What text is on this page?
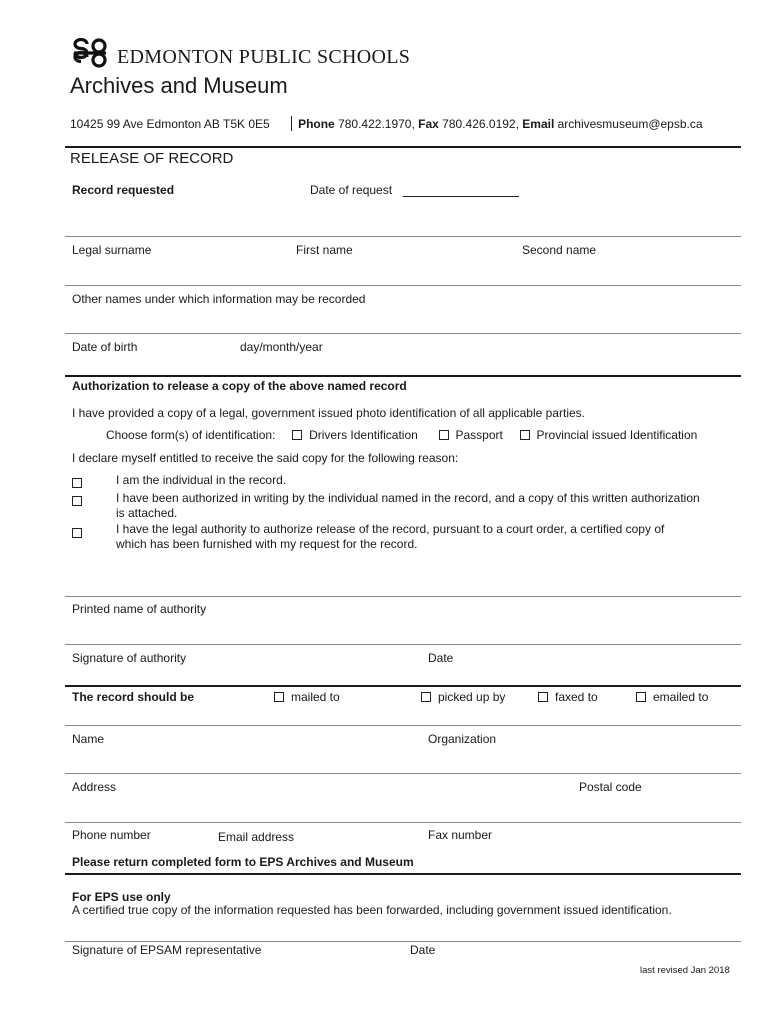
EDMONTON PUBLIC SCHOOLS
Archives and Museum
10425 99 Ave Edmonton AB T5K 0E5 Phone 780.422.1970, Fax 780.426.0192, Email archivesmuseum@epsb.ca
RELEASE OF RECORD
Record requested	Date of request
Legal surname	First name	Second name
Other names under which information may be recorded
Date of birth	day/month/year
Authorization to release a copy of the above named record
I have provided a copy of a legal, government issued photo identification of all applicable parties.
Choose form(s) of identification:	Drivers Identification	Passport	Provincial issued Identification
I declare myself entitled to receive the said copy for the following reason:
I am the individual in the record.
I have been authorized in writing by the individual named in the record, and a copy of this written authorization
is attached.
I have the legal authority to authorize release of the record, pursuant to a court order, a certified copy of
which has been furnished with my request for the record.
Printed name of authority
Signature of authority	Date
The record should be	mailed to	picked up by	faxed to	emailed to
Name	Organization
Address	Postal code
Phone number	Email address	Fax number
Please return completed form to EPS Archives and Museum
For EPS use only
A certified true copy of the information requested has been forwarded, including government issued identification.
Signature of EPSAM representative	Date
last revised Jan 2018
